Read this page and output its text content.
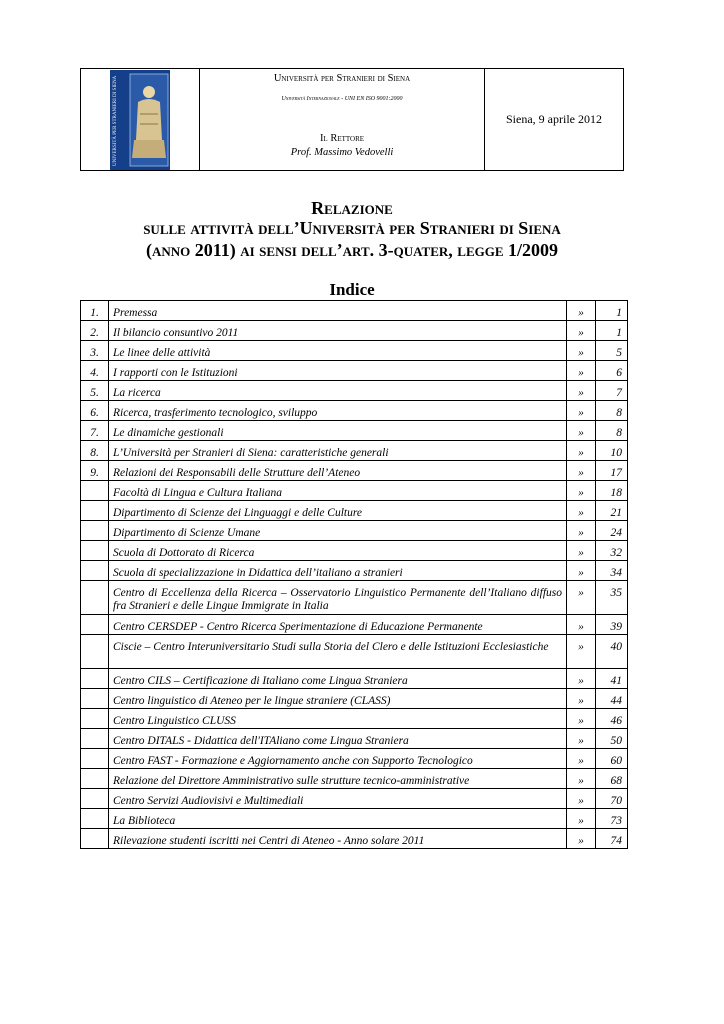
UNIVERSITÀ PER STRANIERI DI SIENA	Università per Stranieri di Siena
Università Internazionale - UNI EN ISO 9001:2000
Il Rettore
Prof. Massimo Vedovelli
Siena, 9 aprile 2012
Relazione
sulle attività dell’Università per Stranieri di Siena
(anno 2011) ai sensi dell’art. 3-quater, legge 1/2009
Indice
1.	Premessa	»	1
2.	Il bilancio consuntivo 2011	»	1
3.	Le linee delle attività	»	5
4.	I rapporti con le Istituzioni	»	6
5.	La ricerca	»	7
6.	Ricerca, trasferimento tecnologico, sviluppo	»	8
7.	Le dinamiche gestionali	»	8
8.	L’Università per Stranieri di Siena: caratteristiche generali	»	10
9.	Relazioni dei Responsabili delle Strutture dell’Ateneo	»	17
	Facoltà di Lingua e Cultura Italiana	»	18
	Dipartimento di Scienze dei Linguaggi e delle Culture	»	21
	Dipartimento di Scienze Umane	»	24
	Scuola di Dottorato di Ricerca	»	32
	Scuola di specializzazione in Didattica dell’italiano a stranieri	»	34
	Centro di Eccellenza della Ricerca – Osservatorio Linguistico Permanente dell’Italiano diffuso fra Stranieri e delle Lingue Immigrate in Italia	»	35
	Centro CERSDEP - Centro Ricerca Sperimentazione di Educazione Permanente	»	39
	Ciscie – Centro Interuniversitario Studi sulla Storia del Clero e delle Istituzioni Ecclesiastiche	»	40
	Centro CILS – Certificazione di Italiano come Lingua Straniera	»	41
	Centro linguistico di Ateneo per le lingue straniere (CLASS)	»	44
	Centro Linguistico CLUSS	»	46
	Centro DITALS - Didattica dell'ITAliano come Lingua Straniera	»	50
	Centro FAST - Formazione e Aggiornamento anche con Supporto Tecnologico	»	60
	Relazione del Direttore Amministrativo sulle strutture tecnico-amministrative	»	68
	Centro Servizi Audiovisivi e Multimediali	»	70
	La Biblioteca	»	73
	Rilevazione studenti iscritti nei Centri di Ateneo - Anno solare 2011	»	74
